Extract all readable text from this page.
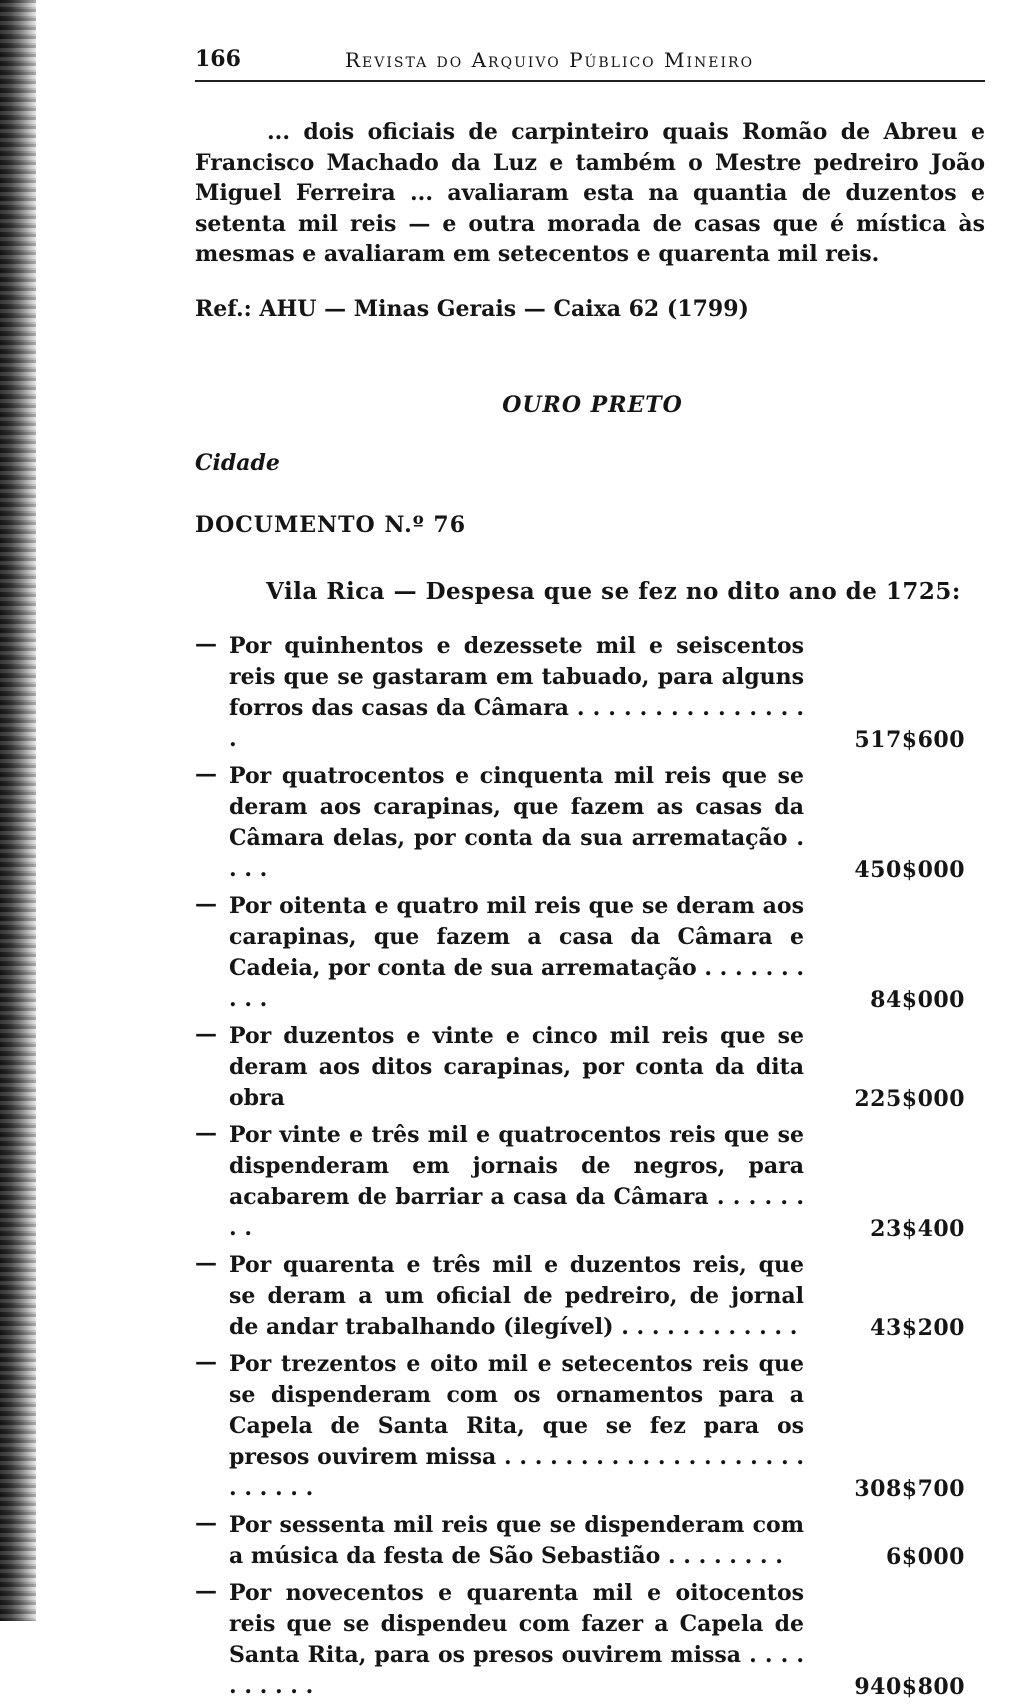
166	Revista do Arquivo Público Mineiro
... dois oficiais de carpinteiro quais Romão de Abreu e Francisco Machado da Luz e também o Mestre pedreiro João Miguel Ferreira ... avaliaram esta na quantia de duzentos e setenta mil reis — e outra morada de casas que é mística às mesmas e avaliaram em setecentos e quarenta mil reis.
Ref.: AHU — Minas Gerais — Caixa 62 (1799)
OURO PRETO
Cidade
DOCUMENTO N.º 76
Vila Rica — Despesa que se fez no dito ano de 1725:
— Por quinhentos e dezessete mil e seiscentos reis que se gastaram em tabuado, para alguns forros das casas da Câmara . . . . . . . . . . . . . . . .	517$600
— Por quatrocentos e cinquenta mil reis que se deram aos carapinas, que fazem as casas da Câmara delas, por conta da sua arrematação . . . .	450$000
— Por oitenta e quatro mil reis que se deram aos carapinas, que fazem a casa da Câmara e Cadeia, por conta de sua arrematação . . . . . . . . . .	84$000
— Por duzentos e vinte e cinco mil reis que se deram aos ditos carapinas, por conta da dita obra	225$000
— Por vinte e três mil e quatrocentos reis que se dispenderam em jornais de negros, para acabarem de barriar a casa da Câmara . . . . . . . .	23$400
— Por quarenta e três mil e duzentos reis, que se deram a um oficial de pedreiro, de jornal de andar trabalhando (ilegível) . . . . . . . . . . . .	43$200
— Por trezentos e oito mil e setecentos reis que se dispenderam com os ornamentos para a Capela de Santa Rita, que se fez para os presos ouvirem missa . . . . . . . . . . . . . . . . . . . . . . . . . .	308$700
— Por sessenta mil reis que se dispenderam com a música da festa de São Sebastião . . . . . . . .	6$000
— Por novecentos e quarenta mil e oitocentos reis que se dispendeu com fazer a Capela de Santa Rita, para os presos ouvirem missa . . . . . . . . . .	940$800
